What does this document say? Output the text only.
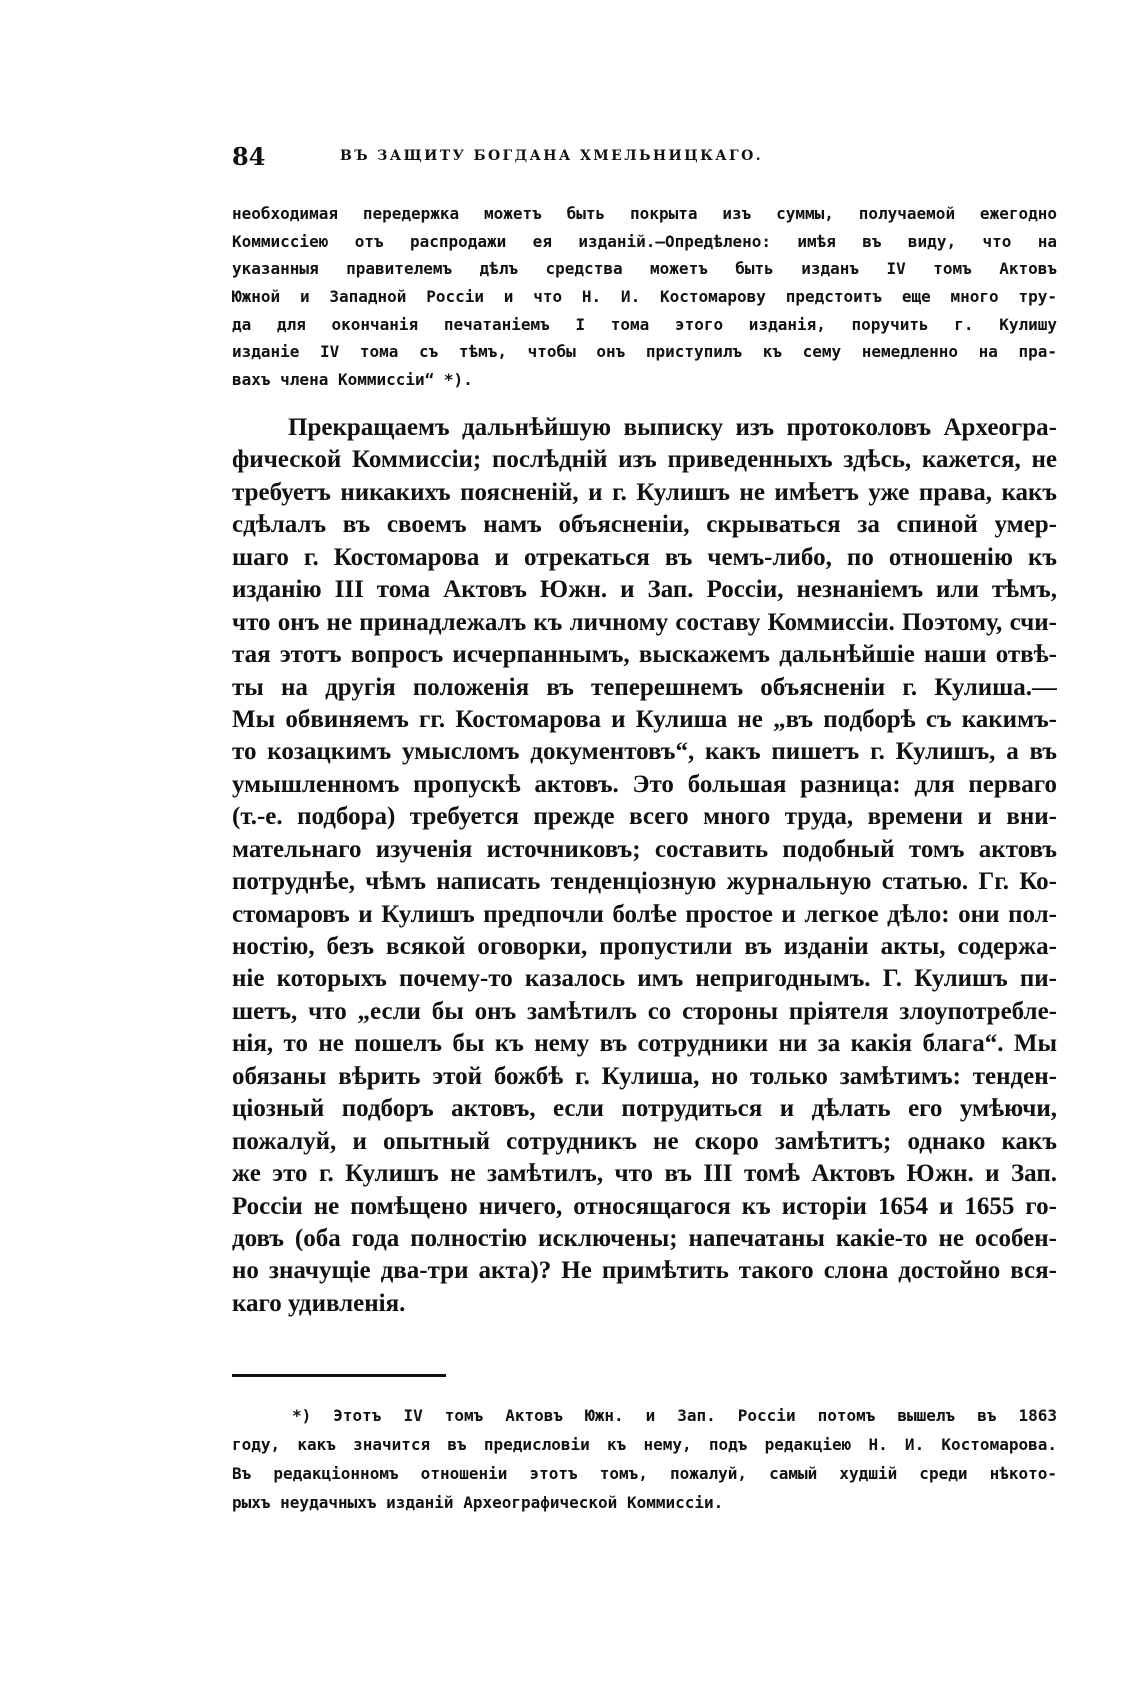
84	ВЪ ЗАЩИТУ БОГДАНА ХМЕЛЬНИЦКАГО.
необходимая передержка можетъ быть покрыта изъ суммы, получаемой ежегодно
Коммиссiею отъ распродажи ея изданiй.—Опредѣлено: имѣя въ виду, что на
указанныя правителемъ дѣлъ средства можетъ быть изданъ IV томъ Актовъ
Южной и Западной Россiи и что Н. И. Костомарову предстоитъ еще много тру-
да для окончанiя печатанiемъ I тома этого изданiя, поручить г. Кулишу
изданiе IV тома съ тѣмъ, чтобы онъ приступилъ къ сему немедленно на пра-
вахъ члена Коммиссiи“ *).
Прекращаемъ дальнѣйшую выписку изъ протоколовъ Археогра-
фической Коммиссiи; послѣднiй изъ приведенныхъ здѣсь, кажется, не
требуетъ никакихъ поясненiй, и г. Кулишъ не имѣетъ уже права, какъ
сдѣлалъ въ своемъ намъ объясненiи, скрываться за спиной умер-
шаго г. Костомарова и отрекаться въ чемъ-либо, по отношенiю къ
изданiю III тома Актовъ Южн. и Зап. Россiи, незнанiемъ или тѣмъ,
что онъ не принадлежалъ къ личному составу Коммиссiи. Поэтому, счи-
тая этотъ вопросъ исчерпаннымъ, выскажемъ дальнѣйшiе наши отвѣ-
ты на другiя положенiя въ теперешнемъ объясненiи г. Кулиша.—
Мы обвиняемъ гг. Костомарова и Кулиша не „въ подборѣ съ какимъ-
то козацкимъ умысломъ документовъ“, какъ пишетъ г. Кулишъ, а въ
умышленномъ пропускѣ актовъ. Это большая разница: для перваго
(т.-е. подбора) требуется прежде всего много труда, времени и вни-
мательнаго изученiя источниковъ; составить подобный томъ актовъ
потруднѣе, чѣмъ написать тенденцiозную журнальную статью. Гг. Ко-
стомаровъ и Кулишъ предпочли болѣе простое и легкое дѣло: они пол-
ностiю, безъ всякой оговорки, пропустили въ изданiи акты, содержа-
нiе которыхъ почему-то казалось имъ непригоднымъ. Г. Кулишъ пи-
шетъ, что „если бы онъ замѣтилъ со стороны прiятеля злоупотребле-
нiя, то не пошелъ бы къ нему въ сотрудники ни за какiя блага“. Мы
обязаны вѣрить этой божбѣ г. Кулиша, но только замѣтимъ: тенден-
цiозный подборъ актовъ, если потрудиться и дѣлать его умѣючи,
пожалуй, и опытный сотрудникъ не скоро замѣтитъ; однако какъ
же это г. Кулишъ не замѣтилъ, что въ III томѣ Актовъ Южн. и Зап.
Россiи не помѣщено ничего, относящагося къ исторiи 1654 и 1655 го-
довъ (оба года полностiю исключены; напечатаны какiе-то не особен-
но значущiе два-три акта)? Не примѣтить такого слона достойно вся-
каго удивленiя.
*) Этотъ IV томъ Актовъ Южн. и Зап. Россiи потомъ вышелъ въ 1863
году, какъ значится въ предисловiи къ нему, подъ редакцiею Н. И. Костомарова.
Въ редакцiонномъ отношенiи этотъ томъ, пожалуй, самый худшiй среди нѣкото-
рыхъ неудачныхъ изданiй Археографической Коммиссiи.
